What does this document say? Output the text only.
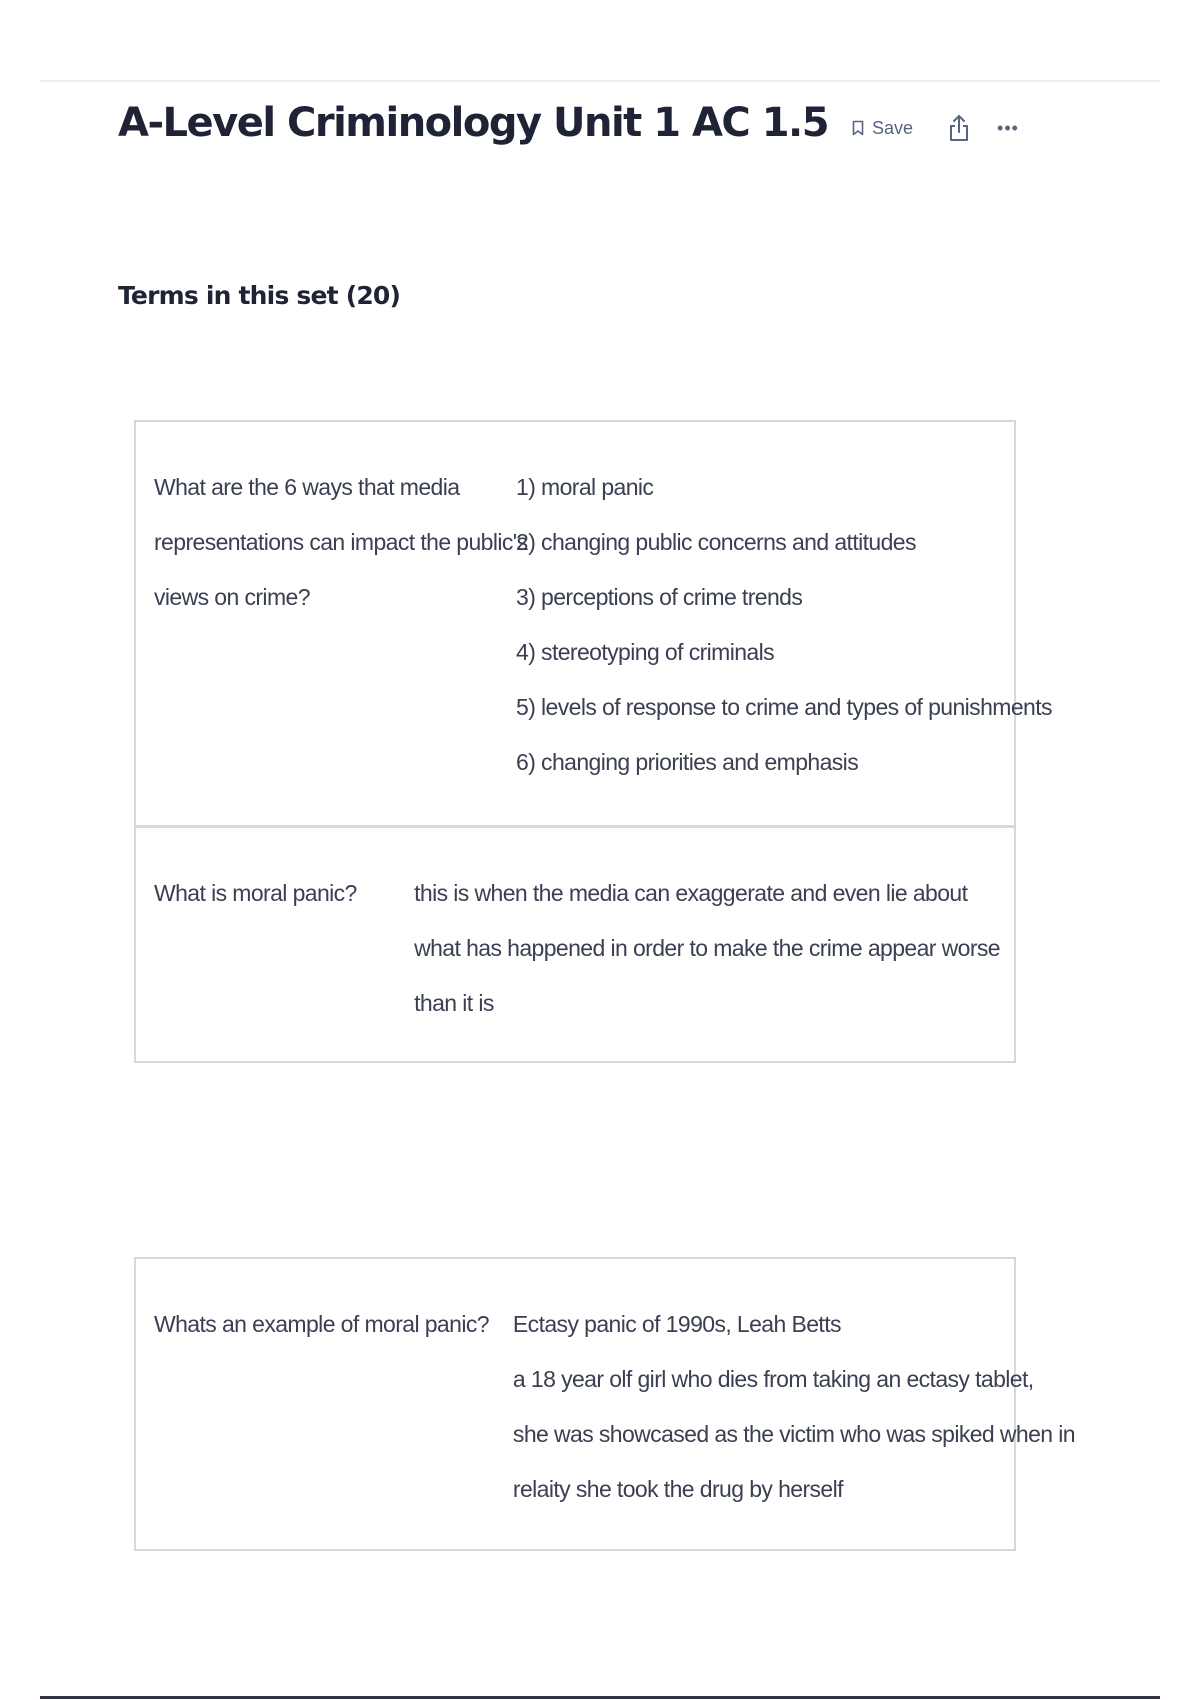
A-Level Criminology Unit 1 AC 1.5 Save	•••
Terms in this set (20)
What are the 6 ways that media
representations can impact the public's
views on crime?
1) moral panic
2) changing public concerns and attitudes
3) perceptions of crime trends
4) stereotyping of criminals
5) levels of response to crime and types of punishments
6) changing priorities and emphasis
What is moral panic?	this is when the media can exaggerate and even lie about
what has happened in order to make the crime appear worse
than it is
Whats an example of moral panic? Ectasy panic of 1990s, Leah Betts
a 18 year olf girl who dies from taking an ectasy tablet,
she was showcased as the victim who was spiked when in
relaity she took the drug by herself
